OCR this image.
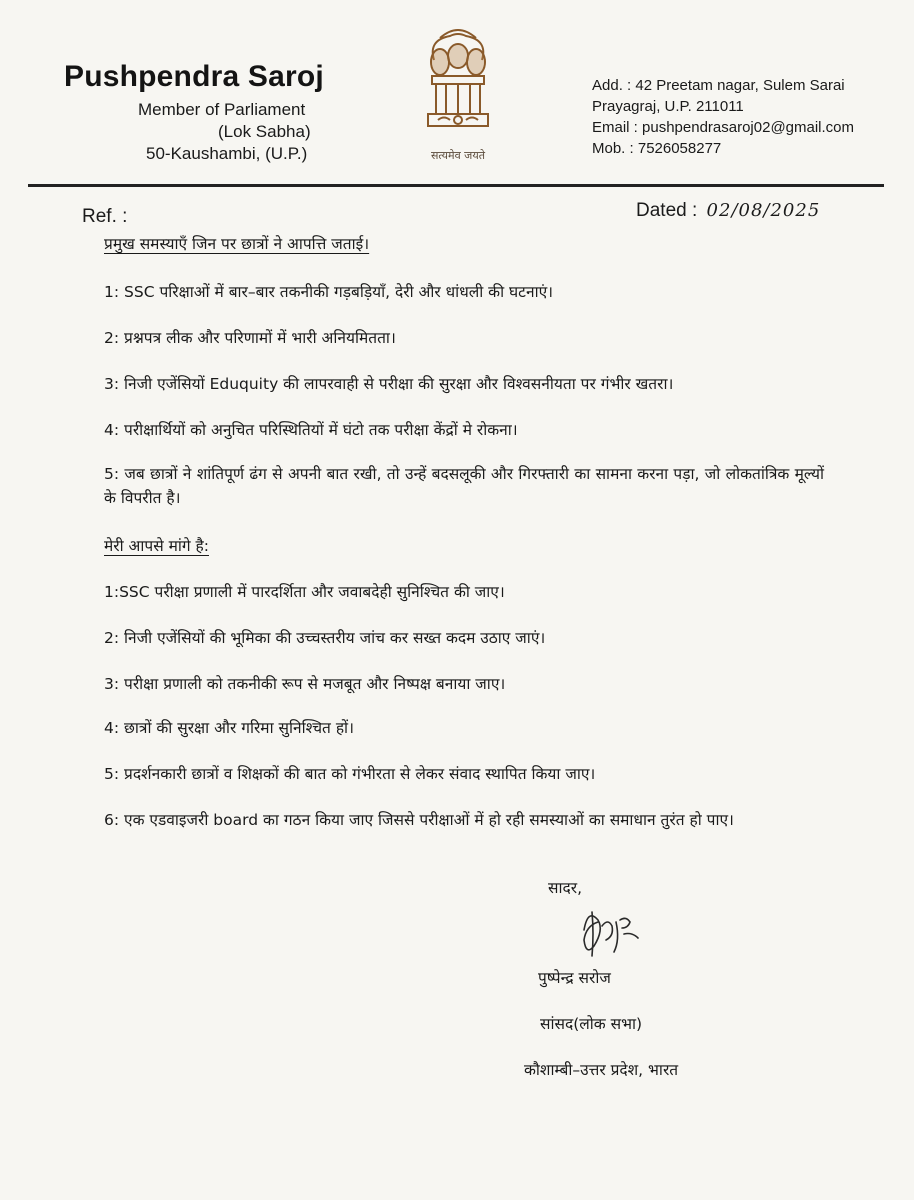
Pushpendra Saroj
Member of Parliament
(Lok Sabha)
50-Kaushambi, (U.P.)	सत्यमेव जयते
Add. : 42 Preetam nagar, Sulem Sarai
Prayagraj, U.P. 211011
Email : pushpendrasaroj02@gmail.com
Mob. : 7526058277
Ref. :	Dated : 02/08/2025
प्रमुख समस्याएँ जिन पर छात्रों ने आपत्ति जताई।
1: SSC परिक्षाओं में बार–बार तकनीकी गड़बड़ियाँ, देरी और धांधली की घटनाएं।
2: प्रश्नपत्र लीक और परिणामों में भारी अनियमितता।
3: निजी एजेंसियों Eduquity की लापरवाही से परीक्षा की सुरक्षा और विश्वसनीयता पर गंभीर खतरा।
4: परीक्षार्थियों को अनुचित परिस्थितियों में घंटो तक परीक्षा केंद्रों मे रोकना।
5: जब छात्रों ने शांतिपूर्ण ढंग से अपनी बात रखी, तो उन्हें बदसलूकी और गिरफ्तारी का सामना करना पड़ा, जो लोकतांत्रिक मूल्यों के विपरीत है।
मेरी आपसे मांगे है:
1:SSC परीक्षा प्रणाली में पारदर्शिता और जवाबदेही सुनिश्चित की जाए।
2: निजी एजेंसियों की भूमिका की उच्चस्तरीय जांच कर सख्त कदम उठाए जाएं।
3: परीक्षा प्रणाली को तकनीकी रूप से मजबूत और निष्पक्ष बनाया जाए।
4: छात्रों की सुरक्षा और गरिमा सुनिश्चित हों।
5: प्रदर्शनकारी छात्रों व शिक्षकों की बात को गंभीरता से लेकर संवाद स्थापित किया जाए।
6: एक एडवाइजरी board का गठन किया जाए जिससे परीक्षाओं में हो रही समस्याओं का समाधान तुरंत हो पाए।
सादर,
पुष्पेन्द्र सरोज
सांसद(लोक सभा)
कौशाम्बी–उत्तर प्रदेश, भारत
